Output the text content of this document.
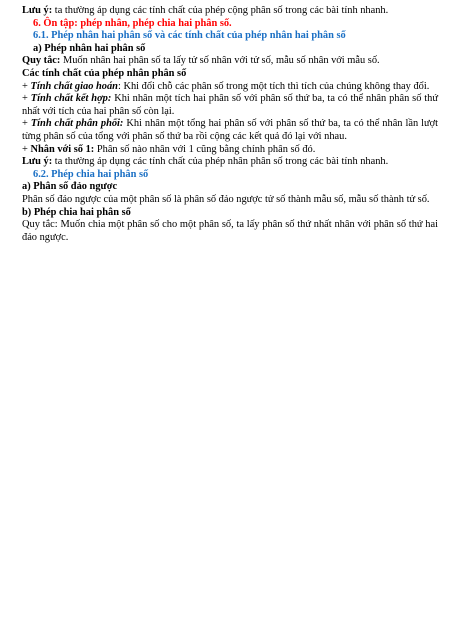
Lưu ý: ta thường áp dụng các tính chất của phép cộng phân số trong các bài tính nhanh.

6. Ôn tập: phép nhân, phép chia hai phân số.

6.1. Phép nhân hai phân số và các tính chất của phép nhân hai phân số

a) Phép nhân hai phân số

Quy tắc: Muốn nhân hai phân số ta lấy tử số nhân với tử số, mẫu số nhân với mẫu số.

Các tính chất của phép nhân phân số

+ Tính chất giao hoán: Khi đổi chỗ các phân số trong một tích thì tích của chúng không thay đổi.

+ Tính chất kết hợp: Khi nhân một tích hai phân số với phân số thứ ba, ta có thể nhân phân số thứ nhất với tích của hai phân số còn lại.

+ Tính chất phân phối: Khi nhân một tổng hai phân số với phân số thứ ba, ta có thể nhân lần lượt từng phân số của tổng với phân số thứ ba rồi cộng các kết quả đó lại với nhau.

+ Nhân với số 1: Phân số nào nhân với 1 cũng bằng chính phân số đó.

Lưu ý: ta thường áp dụng các tính chất của phép nhân phân số trong các bài tính nhanh.

6.2. Phép chia hai phân số

a) Phân số đảo ngược

Phân số đảo ngược của một phân số là phân số đảo ngược tử số thành mẫu số, mẫu số thành tử số.

b) Phép chia hai phân số

Quy tắc: Muốn chia một phân số cho một phân số, ta lấy phân số thứ nhất nhân với phân số thứ hai đảo ngược.
